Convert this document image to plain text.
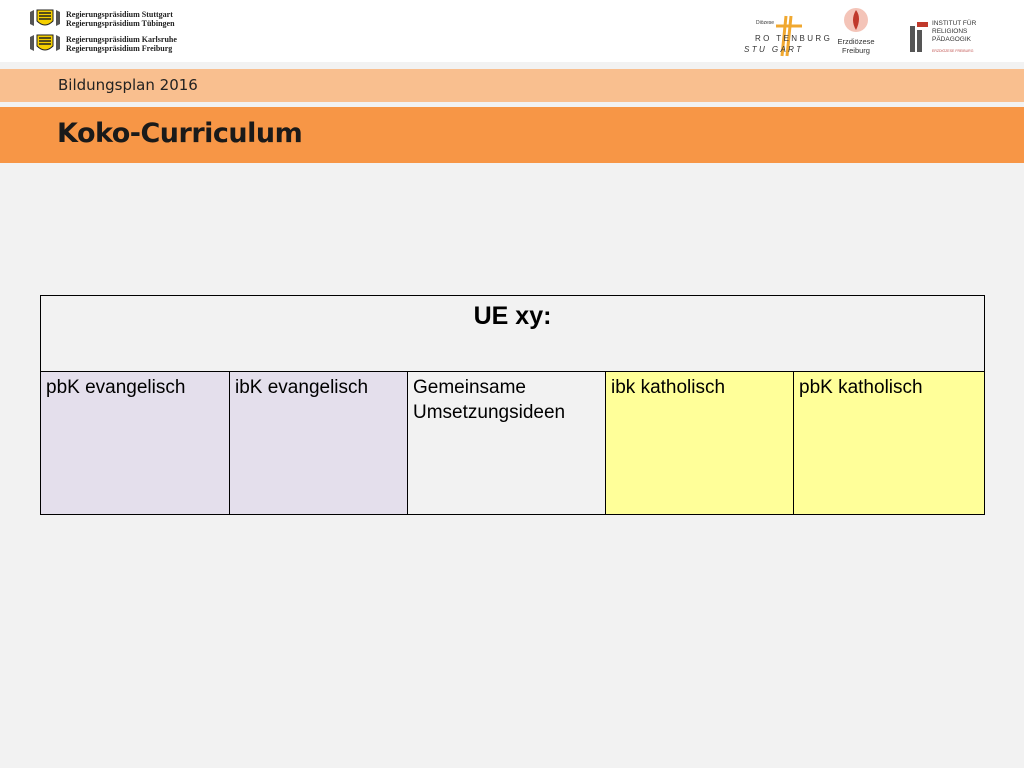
Regierungspräsidium Stuttgart
Regierungspräsidium Tübingen
Regierungspräsidium Karlsruhe
Regierungspräsidium Freiburg
Diözese
RO TENBURG
STU GART
Erzdiözese
Freiburg
INSTITUT FÜR
RELIGIONS
PÄDAGOGIK
ERZDIÖZESE FREIBURG
Bildungsplan 2016
Koko-Curriculum
UE xy:
pbK evangelisch	ibK evangelisch	Gemeinsame Umsetzungsideen	ibk katholisch	pbK katholisch
